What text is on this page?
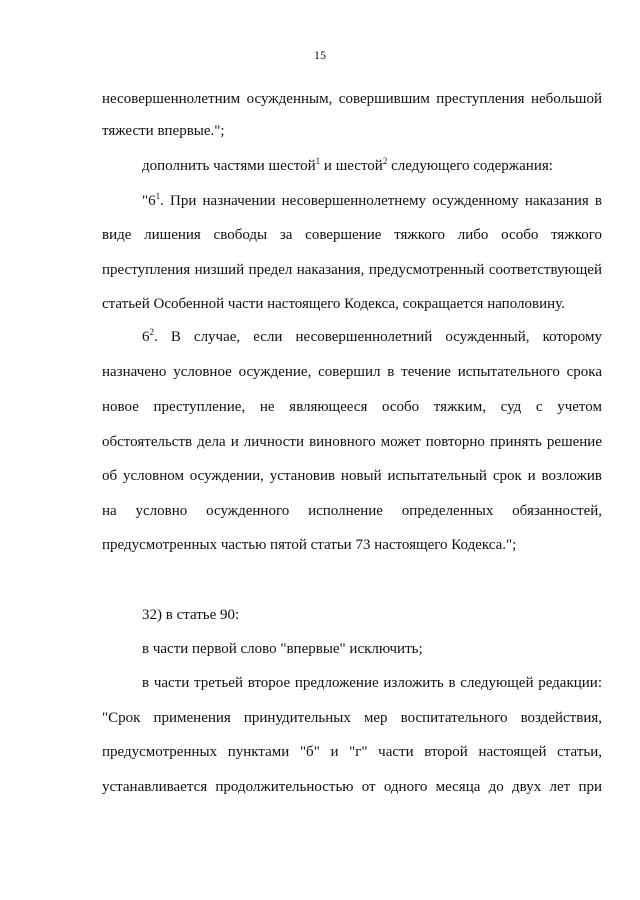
15
несовершеннолетним осужденным, совершившим преступления небольшой
тяжести впервые.";
дополнить частями шестой$^1$ и шестой$^2$ следующего содержания:
"$6^1$. При назначении несовершеннолетнему осужденному наказания в
виде лишения свободы за совершение тяжкого либо особо тяжкого
преступления низший предел наказания, предусмотренный соответствующей
статьей Особенной части настоящего Кодекса, сокращается наполовину.
$6^2$. В случае, если несовершеннолетний осужденный, которому
назначено условное осуждение, совершил в течение испытательного срока
новое преступление, не являющееся особо тяжким, суд с учетом
обстоятельств дела и личности виновного может повторно принять решение
об условном осуждении, установив новый испытательный срок и возложив
на условно осужденного исполнение определенных обязанностей,
предусмотренных частью пятой статьи 73 настоящего Кодекса.";
32) в статье 90:
в части первой слово "впервые" исключить;
в части третьей второе предложение изложить в следующей редакции:
"Срок применения принудительных мер воспитательного воздействия,
предусмотренных пунктами "б" и "г" части второй настоящей статьи,
устанавливается продолжительностью от одного месяца до двух лет при
